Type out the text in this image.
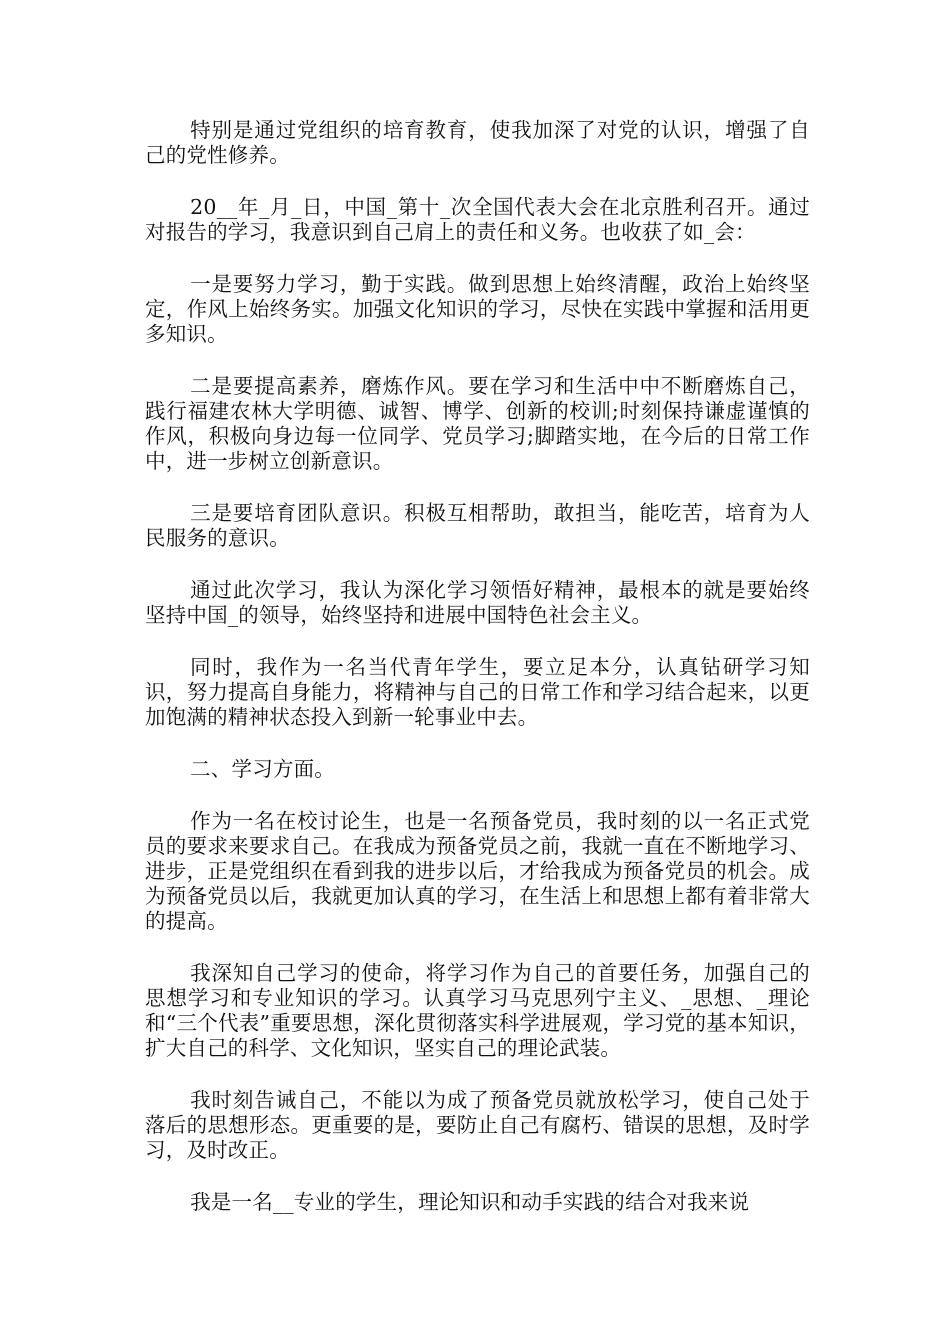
特别是通过党组织的培育教育，使我加深了对党的认识，增强了自己的党性修养。

20__年_月_日，中国_第十_次全国代表大会在北京胜利召开。通过对报告的学习，我意识到自己肩上的责任和义务。也收获了如_会：

一是要努力学习，勤于实践。做到思想上始终清醒，政治上始终坚定，作风上始终务实。加强文化知识的学习，尽快在实践中掌握和活用更多知识。

二是要提高素养，磨炼作风。要在学习和生活中中不断磨炼自己，践行福建农林大学明德、诚智、博学、创新的校训;时刻保持谦虚谨慎的作风，积极向身边每一位同学、党员学习;脚踏实地，在今后的日常工作中，进一步树立创新意识。

三是要培育团队意识。积极互相帮助，敢担当，能吃苦，培育为人民服务的意识。

通过此次学习，我认为深化学习领悟好精神，最根本的就是要始终坚持中国_的领导，始终坚持和进展中国特色社会主义。

同时，我作为一名当代青年学生，要立足本分，认真钻研学习知识，努力提高自身能力，将精神与自己的日常工作和学习结合起来，以更加饱满的精神状态投入到新一轮事业中去。

二、学习方面。

作为一名在校讨论生，也是一名预备党员，我时刻的以一名正式党员的要求来要求自己。在我成为预备党员之前，我就一直在不断地学习、进步，正是党组织在看到我的进步以后，才给我成为预备党员的机会。成为预备党员以后，我就更加认真的学习，在生活上和思想上都有着非常大的提高。

我深知自己学习的使命，将学习作为自己的首要任务，加强自己的思想学习和专业知识的学习。认真学习马克思列宁主义、_思想、_理论和“三个代表”重要思想，深化贯彻落实科学进展观，学习党的基本知识，扩大自己的科学、文化知识，坚实自己的理论武装。

我时刻告诫自己，不能以为成了预备党员就放松学习，使自己处于落后的思想形态。更重要的是，要防止自己有腐朽、错误的思想，及时学习，及时改正。

我是一名__专业的学生，理论知识和动手实践的结合对我来说
